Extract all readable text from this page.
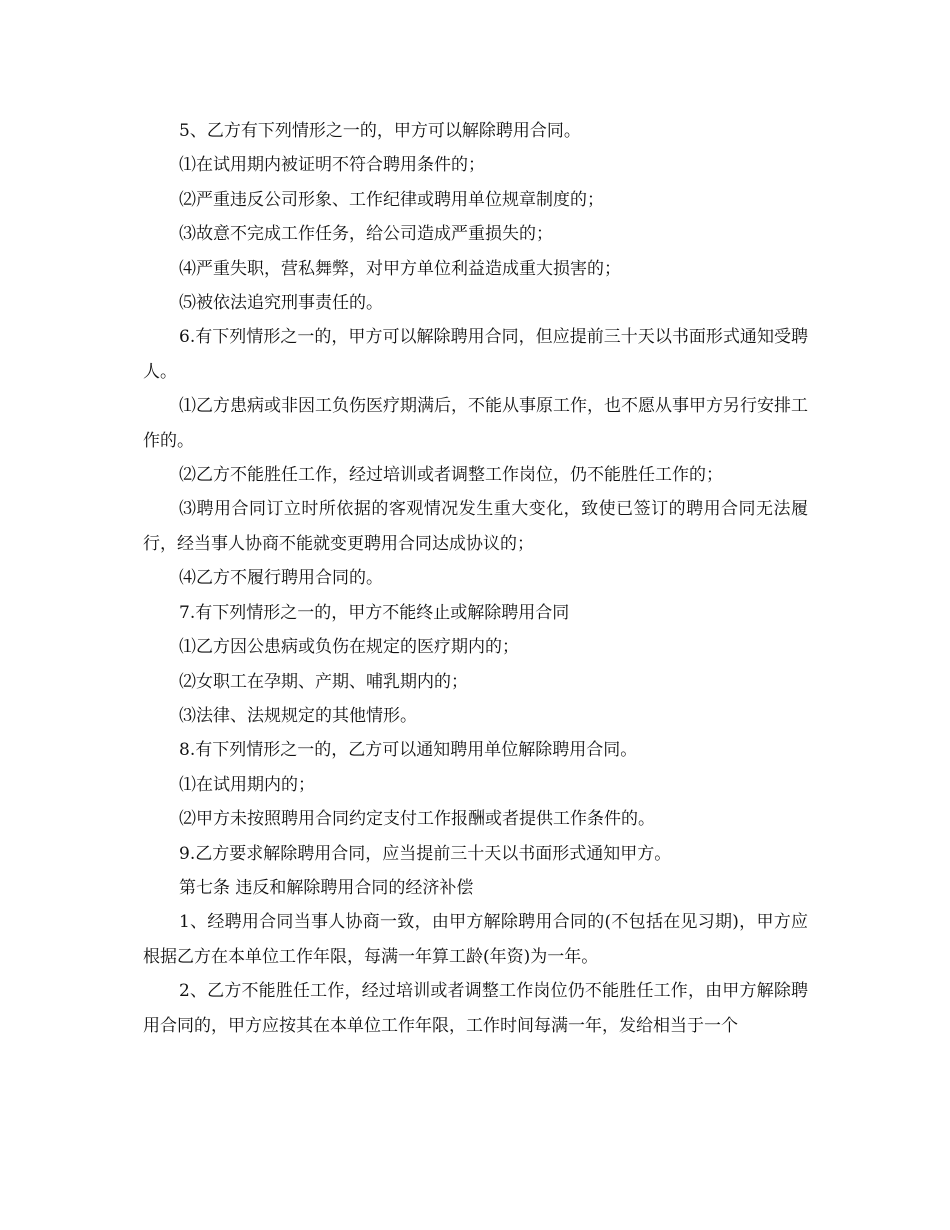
5、乙方有下列情形之一的，甲方可以解除聘用合同。

⑴在试用期内被证明不符合聘用条件的；

⑵严重违反公司形象、工作纪律或聘用单位规章制度的；

⑶故意不完成工作任务，给公司造成严重损失的；

⑷严重失职，营私舞弊，对甲方单位利益造成重大损害的；

⑸被依法追究刑事责任的。

6.有下列情形之一的，甲方可以解除聘用合同，但应提前三十天以书面形式通知受聘人。

⑴乙方患病或非因工负伤医疗期满后，不能从事原工作，也不愿从事甲方另行安排工作的。

⑵乙方不能胜任工作，经过培训或者调整工作岗位，仍不能胜任工作的；

⑶聘用合同订立时所依据的客观情况发生重大变化，致使已签订的聘用合同无法履行，经当事人协商不能就变更聘用合同达成协议的；

⑷乙方不履行聘用合同的。

7.有下列情形之一的，甲方不能终止或解除聘用合同

⑴乙方因公患病或负伤在规定的医疗期内的；

⑵女职工在孕期、产期、哺乳期内的；

⑶法律、法规规定的其他情形。

8.有下列情形之一的，乙方可以通知聘用单位解除聘用合同。

⑴在试用期内的；

⑵甲方未按照聘用合同约定支付工作报酬或者提供工作条件的。

9.乙方要求解除聘用合同，应当提前三十天以书面形式通知甲方。

第七条 违反和解除聘用合同的经济补偿

1、经聘用合同当事人协商一致，由甲方解除聘用合同的(不包括在见习期)，甲方应根据乙方在本单位工作年限，每满一年算工龄(年资)为一年。

2、乙方不能胜任工作，经过培训或者调整工作岗位仍不能胜任工作，由甲方解除聘用合同的，甲方应按其在本单位工作年限，工作时间每满一年，发给相当于一个
